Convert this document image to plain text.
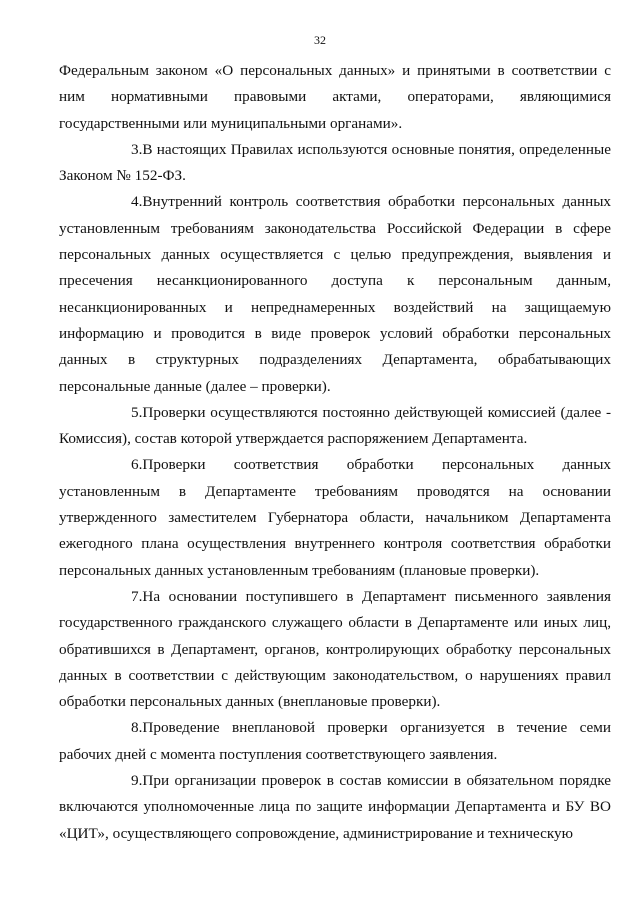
32

Федеральным законом «О персональных данных» и принятыми в соответствии с ним нормативными правовыми актами, операторами, являющимися государственными или муниципальными органами».

3.В настоящих Правилах используются основные понятия, определенные Законом № 152-ФЗ.

4.Внутренний контроль соответствия обработки персональных данных установленным требованиям законодательства Российской Федерации в сфере персональных данных осуществляется с целью предупреждения, выявления и пресечения несанкционированного доступа к персональным данным, несанкционированных и непреднамеренных воздействий на защищаемую информацию и проводится в виде проверок условий обработки персональных данных в структурных подразделениях Департамента, обрабатывающих персональные данные (далее – проверки).

5.Проверки осуществляются постоянно действующей комиссией (далее - Комиссия), состав которой утверждается распоряжением Департамента.

6.Проверки соответствия обработки персональных данных установленным в Департаменте требованиям проводятся на основании утвержденного заместителем Губернатора области, начальником Департамента ежегодного плана осуществления внутреннего контроля соответствия обработки персональных данных установленным требованиям (плановые проверки).

7.На основании поступившего в Департамент письменного заявления государственного гражданского служащего области в Департаменте или иных лиц, обратившихся в Департамент, органов, контролирующих обработку персональных данных в соответствии с действующим законодательством, о нарушениях правил обработки персональных данных (внеплановые проверки).

8.Проведение внеплановой проверки организуется в течение семи рабочих дней с момента поступления соответствующего заявления.

9.При организации проверок в состав комиссии в обязательном порядке включаются уполномоченные лица по защите информации Департамента и БУ ВО «ЦИТ», осуществляющего сопровождение, администрирование и техническую
